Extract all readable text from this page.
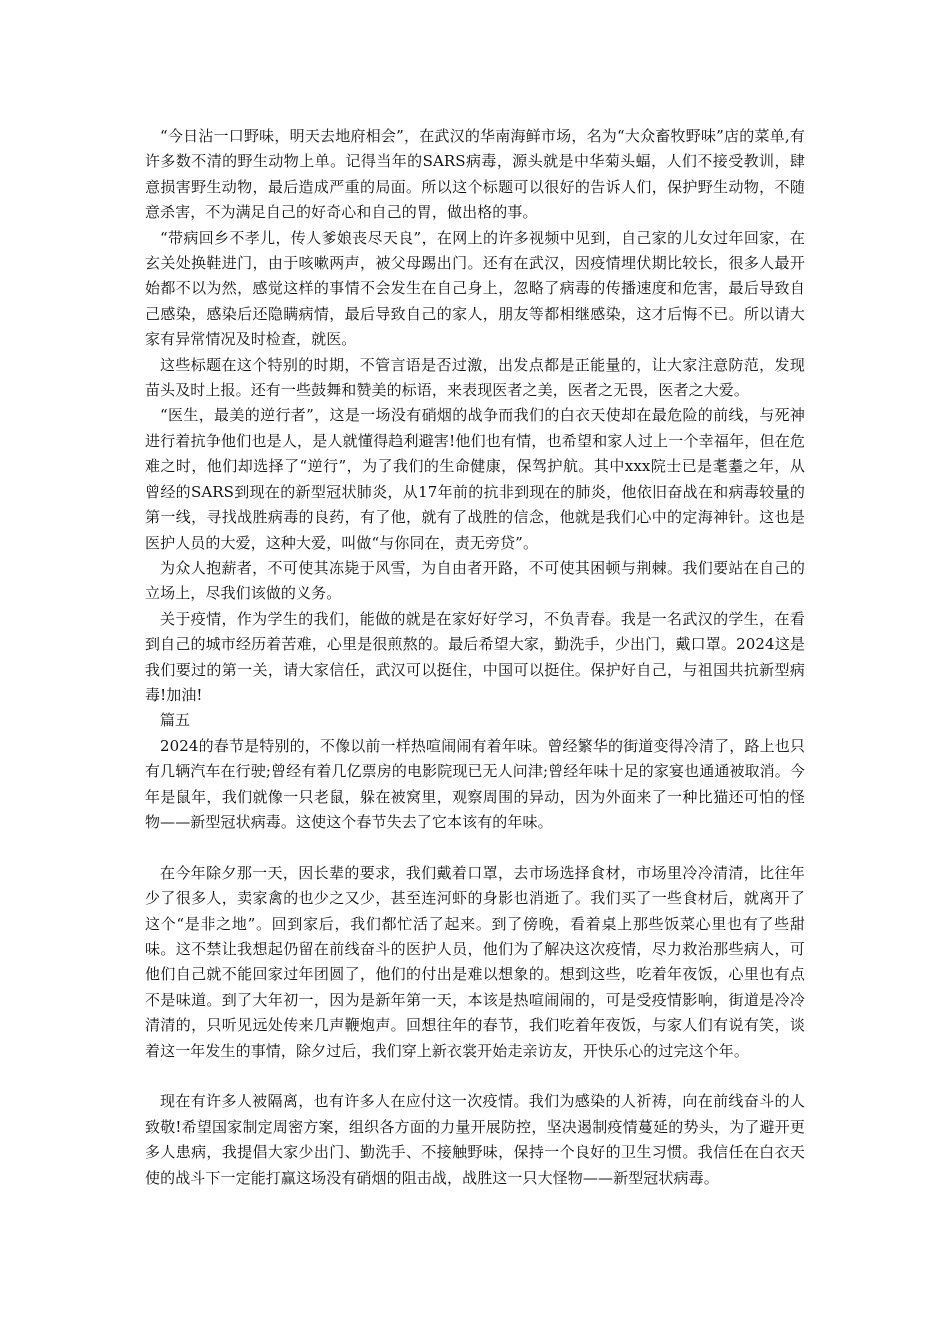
“今日沾一口野味，明天去地府相会”，在武汉的华南海鲜市场，名为“大众畜牧野味”店的菜单,有许多数不清的野生动物上单。记得当年的SARS病毒，源头就是中华菊头蝠，人们不接受教训，肆意损害野生动物，最后造成严重的局面。所以这个标题可以很好的告诉人们，保护野生动物，不随意杀害，不为满足自己的好奇心和自己的胃，做出格的事。

“带病回乡不孝儿，传人爹娘丧尽天良”，在网上的许多视频中见到，自己家的儿女过年回家，在玄关处换鞋进门，由于咳嗽两声，被父母踢出门。还有在武汉，因疫情埋伏期比较长，很多人最开始都不以为然，感觉这样的事情不会发生在自己身上，忽略了病毒的传播速度和危害，最后导致自己感染，感染后还隐瞒病情，最后导致自己的家人，朋友等都相继感染，这才后悔不已。所以请大家有异常情况及时检查，就医。

这些标题在这个特别的时期，不管言语是否过激，出发点都是正能量的，让大家注意防范，发现苗头及时上报。还有一些鼓舞和赞美的标语，来表现医者之美，医者之无畏，医者之大爱。

“医生，最美的逆行者”，这是一场没有硝烟的战争而我们的白衣天使却在最危险的前线，与死神进行着抗争他们也是人，是人就懂得趋利避害!他们也有情，也希望和家人过上一个幸福年，但在危难之时，他们却选择了“逆行”，为了我们的生命健康，保驾护航。其中xxx院士已是耄耋之年，从曾经的SARS到现在的新型冠状肺炎，从17年前的抗非到现在的肺炎，他依旧奋战在和病毒较量的第一线，寻找战胜病毒的良药，有了他，就有了战胜的信念，他就是我们心中的定海神针。这也是医护人员的大爱，这种大爱，叫做“与你同在，责无旁贷”。

为众人抱薪者，不可使其冻毙于风雪，为自由者开路，不可使其困顿与荆棘。我们要站在自己的立场上，尽我们该做的义务。

关于疫情，作为学生的我们，能做的就是在家好好学习，不负青春。我是一名武汉的学生，在看到自己的城市经历着苦难，心里是很煎熬的。最后希望大家，勤洗手，少出门，戴口罩。2024这是我们要过的第一关，请大家信任，武汉可以挺住，中国可以挺住。保护好自己，与祖国共抗新型病毒!加油!

篇五

2024的春节是特别的，不像以前一样热喧闹闹有着年味。曾经繁华的街道变得冷清了，路上也只有几辆汽车在行驶;曾经有着几亿票房的电影院现已无人问津;曾经年味十足的家宴也通通被取消。今年是鼠年，我们就像一只老鼠，躲在被窝里，观察周围的异动，因为外面来了一种比猫还可怕的怪物——新型冠状病毒。这使这个春节失去了它本该有的年味。

在今年除夕那一天，因长辈的要求，我们戴着口罩，去市场选择食材，市场里冷冷清清，比往年少了很多人，卖家禽的也少之又少，甚至连河虾的身影也消逝了。我们买了一些食材后，就离开了这个“是非之地”。回到家后，我们都忙活了起来。到了傍晚，看着桌上那些饭菜心里也有了些甜味。这不禁让我想起仍留在前线奋斗的医护人员，他们为了解决这次疫情，尽力救治那些病人，可他们自己就不能回家过年团圆了，他们的付出是难以想象的。想到这些，吃着年夜饭，心里也有点不是味道。到了大年初一，因为是新年第一天，本该是热喧闹闹的，可是受疫情影响，街道是冷冷清清的，只听见远处传来几声鞭炮声。回想往年的春节，我们吃着年夜饭，与家人们有说有笑，谈着这一年发生的事情，除夕过后，我们穿上新衣裳开始走亲访友，开快乐心的过完这个年。

现在有许多人被隔离，也有许多人在应付这一次疫情。我们为感染的人祈祷，向在前线奋斗的人致敬!希望国家制定周密方案，组织各方面的力量开展防控，坚决遏制疫情蔓延的势头，为了避开更多人患病，我提倡大家少出门、勤洗手、不接触野味，保持一个良好的卫生习惯。我信任在白衣天使的战斗下一定能打赢这场没有硝烟的阻击战，战胜这一只大怪物——新型冠状病毒。
